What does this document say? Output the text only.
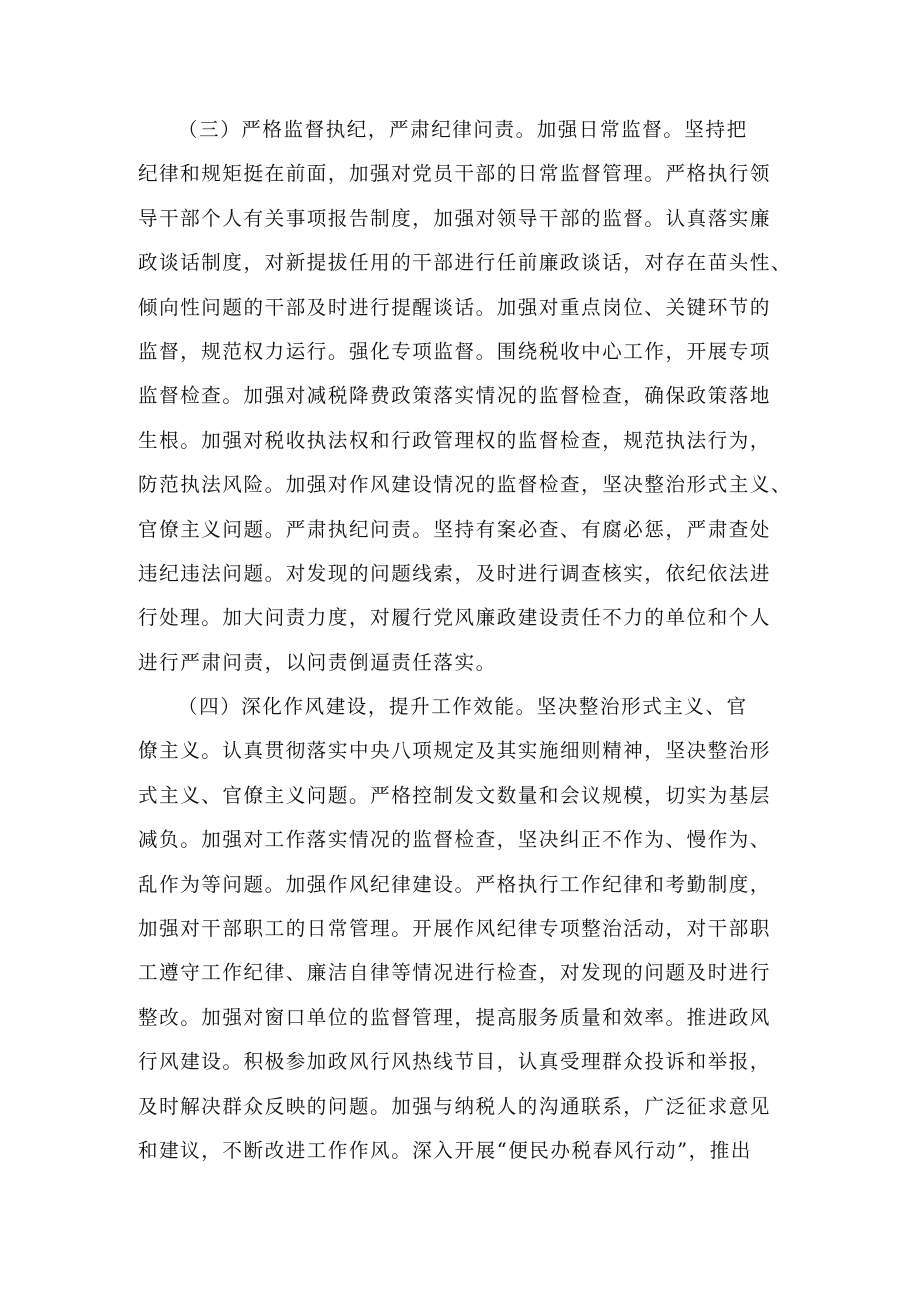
（三）严格监督执纪，严肃纪律问责。加强日常监督。坚持把
纪律和规矩挺在前面，加强对党员干部的日常监督管理。严格执行领
导干部个人有关事项报告制度，加强对领导干部的监督。认真落实廉
政谈话制度，对新提拔任用的干部进行任前廉政谈话，对存在苗头性、
倾向性问题的干部及时进行提醒谈话。加强对重点岗位、关键环节的
监督，规范权力运行。强化专项监督。围绕税收中心工作，开展专项
监督检查。加强对减税降费政策落实情况的监督检查，确保政策落地
生根。加强对税收执法权和行政管理权的监督检查，规范执法行为，
防范执法风险。加强对作风建设情况的监督检查，坚决整治形式主义、
官僚主义问题。严肃执纪问责。坚持有案必查、有腐必惩，严肃查处
违纪违法问题。对发现的问题线索，及时进行调查核实，依纪依法进
行处理。加大问责力度，对履行党风廉政建设责任不力的单位和个人
进行严肃问责，以问责倒逼责任落实。
（四）深化作风建设，提升工作效能。坚决整治形式主义、官
僚主义。认真贯彻落实中央八项规定及其实施细则精神，坚决整治形
式主义、官僚主义问题。严格控制发文数量和会议规模，切实为基层
减负。加强对工作落实情况的监督检查，坚决纠正不作为、慢作为、
乱作为等问题。加强作风纪律建设。严格执行工作纪律和考勤制度，
加强对干部职工的日常管理。开展作风纪律专项整治活动，对干部职
工遵守工作纪律、廉洁自律等情况进行检查，对发现的问题及时进行
整改。加强对窗口单位的监督管理，提高服务质量和效率。推进政风
行风建设。积极参加政风行风热线节目，认真受理群众投诉和举报，
及时解决群众反映的问题。加强与纳税人的沟通联系，广泛征求意见
和建议，不断改进工作作风。深入开展“便民办税春风行动”，推出
